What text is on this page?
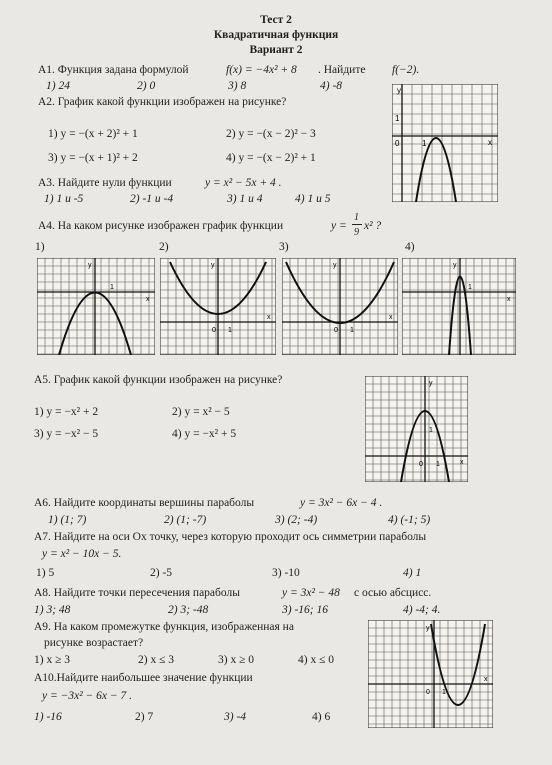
Тест 2
Квадратичная функция
Вариант 2
А1. Функция задана формулой	f(x) = −4x² + 8 . Найдите f(−2).
1) 24	2) 0	3) 8	4) -8
А2. График какой функции изображен на рисунке?
1) y = −(x + 2)² + 1	2) y = −(x − 2)² − 3
3) y = −(x + 1)² + 2	4) y = −(x − 2)² + 1
y
x
1
0	1
А3. Найдите нули функции	y = x² − 5x + 4 .
1) 1 и -5	2) -1 и -4	3) 1 и 4	4) 1 и 5
А4. На каком рисунке изображен график функции	y =
1
9
x² ?
1)	2)	3)	4)
y
x
1
y
x
0 1
y
x
0 1
y
x
1
А5. График какой функции изображен на рисунке?
1) y = −x² + 2	2) y = x² − 5
3) y = −x² − 5	4) y = −x² + 5
y
x
1
0 1
А6. Найдите координаты вершины параболы	y = 3x² − 6x − 4 .
1) (1; 7)	2) (1; -7)	3) (2; -4)	4) (-1; 5)
А7. Найдите на оси Ох точку, через которую проходит ось симметрии параболы
y = x² − 10x − 5.
1) 5	2) -5	3) -10	4) 1
А8. Найдите точки пересечения параболы	y = 3x² − 48 с осью абсцисс.
1) 3; 48	2) 3; -48	3) -16; 16	4) -4; 4.
А9. На каком промежутке функция, изображенная на
рисунке возрастает?
1) x ≥ 3	2) x ≤ 3	3) x ≥ 0	4) x ≤ 0
y
x
0 1
А10.Найдите наибольшее значение функции
y = −3x² − 6x − 7 .
1) -16	2) 7	3) -4	4) 6
